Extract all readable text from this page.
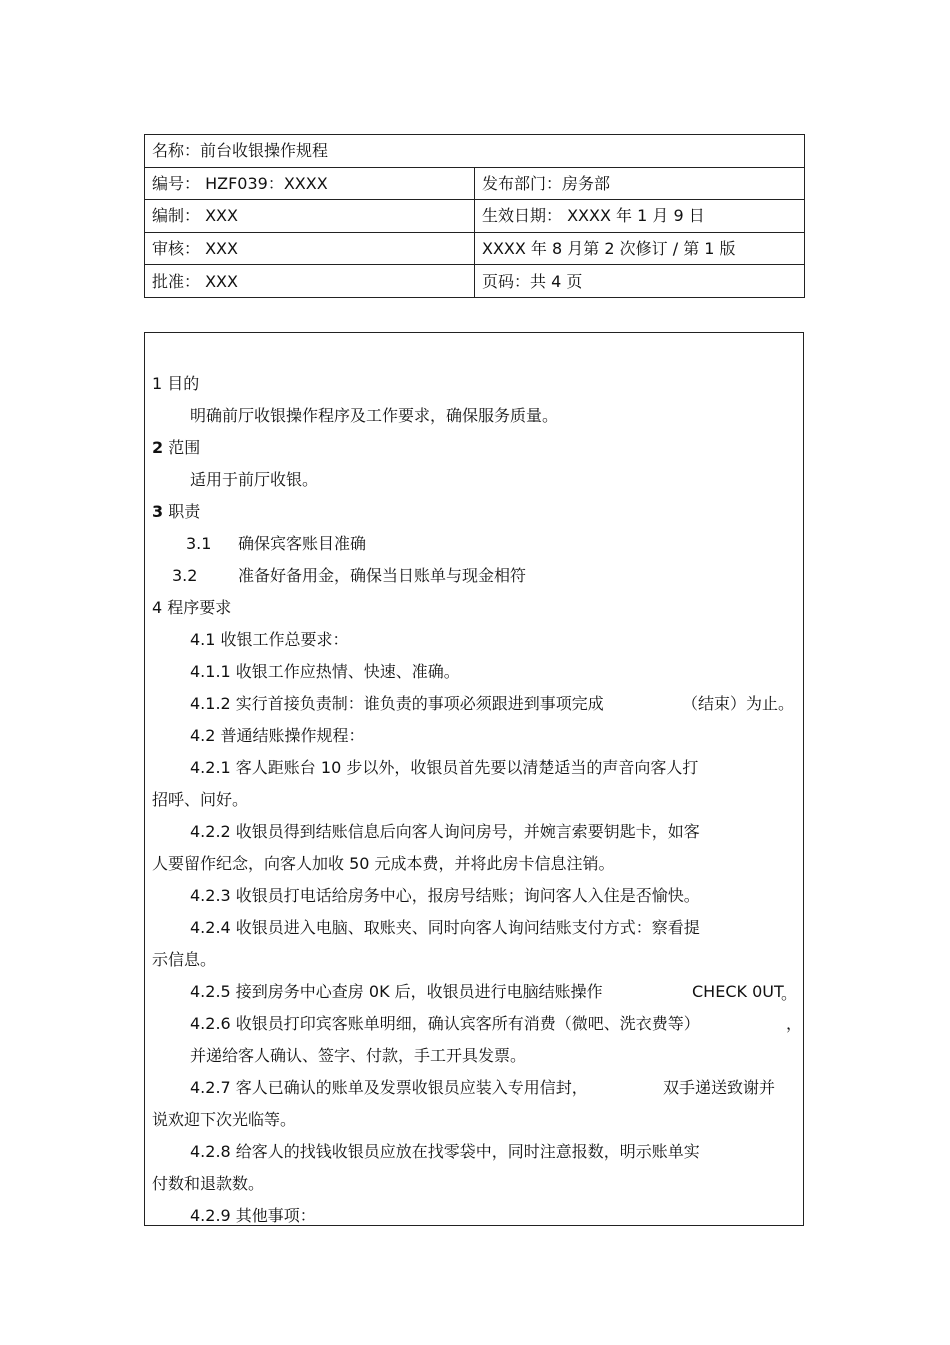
名称：前台收银操作规程	
编号： HZF039：XXXX	发布部门：房务部
编制： XXX	生效日期： XXXX 年 1 月 9 日
审核： XXX	XXXX 年 8 月第 2 次修订 / 第 1 版
批准： XXX	页码：共 4 页
1 目的
明确前厅收银操作程序及工作要求，确保服务质量。
2 范围
适用于前厅收银。
3 职责
3.1 确保宾客账目准确
3.2	准备好备用金，确保当日账单与现金相符
4 程序要求
4.1 收银工作总要求：
4.1.1 收银工作应热情、快速、准确。
4.1.2 实行首接负责制：谁负责的事项必须跟进到事项完成	（结束）为止。
4.2 普通结账操作规程：
4.2.1 客人距账台 10 步以外，收银员首先要以清楚适当的声音向客人打
招呼、问好。
4.2.2 收银员得到结账信息后向客人询问房号，并婉言索要钥匙卡，如客
人要留作纪念，向客人加收 50 元成本费，并将此房卡信息注销。
4.2.3 收银员打电话给房务中心，报房号结账；询问客人入住是否愉快。
4.2.4 收银员进入电脑、取账夹、同时向客人询问结账支付方式：察看提
示信息。
4.2.5 接到房务中心查房 0K 后，收银员进行电脑结账操作	CHECK 0UT
。
4.2.6 收银员打印宾客账单明细，确认宾客所有消费（微吧、洗衣费等）	，
并递给客人确认、签字、付款，手工开具发票。
4.2.7 客人已确认的账单及发票收银员应装入专用信封，	双手递送致谢并
说欢迎下次光临等。
4.2.8 给客人的找钱收银员应放在找零袋中，同时注意报数，明示账单实
付数和退款数。
4.2.9 其他事项：
